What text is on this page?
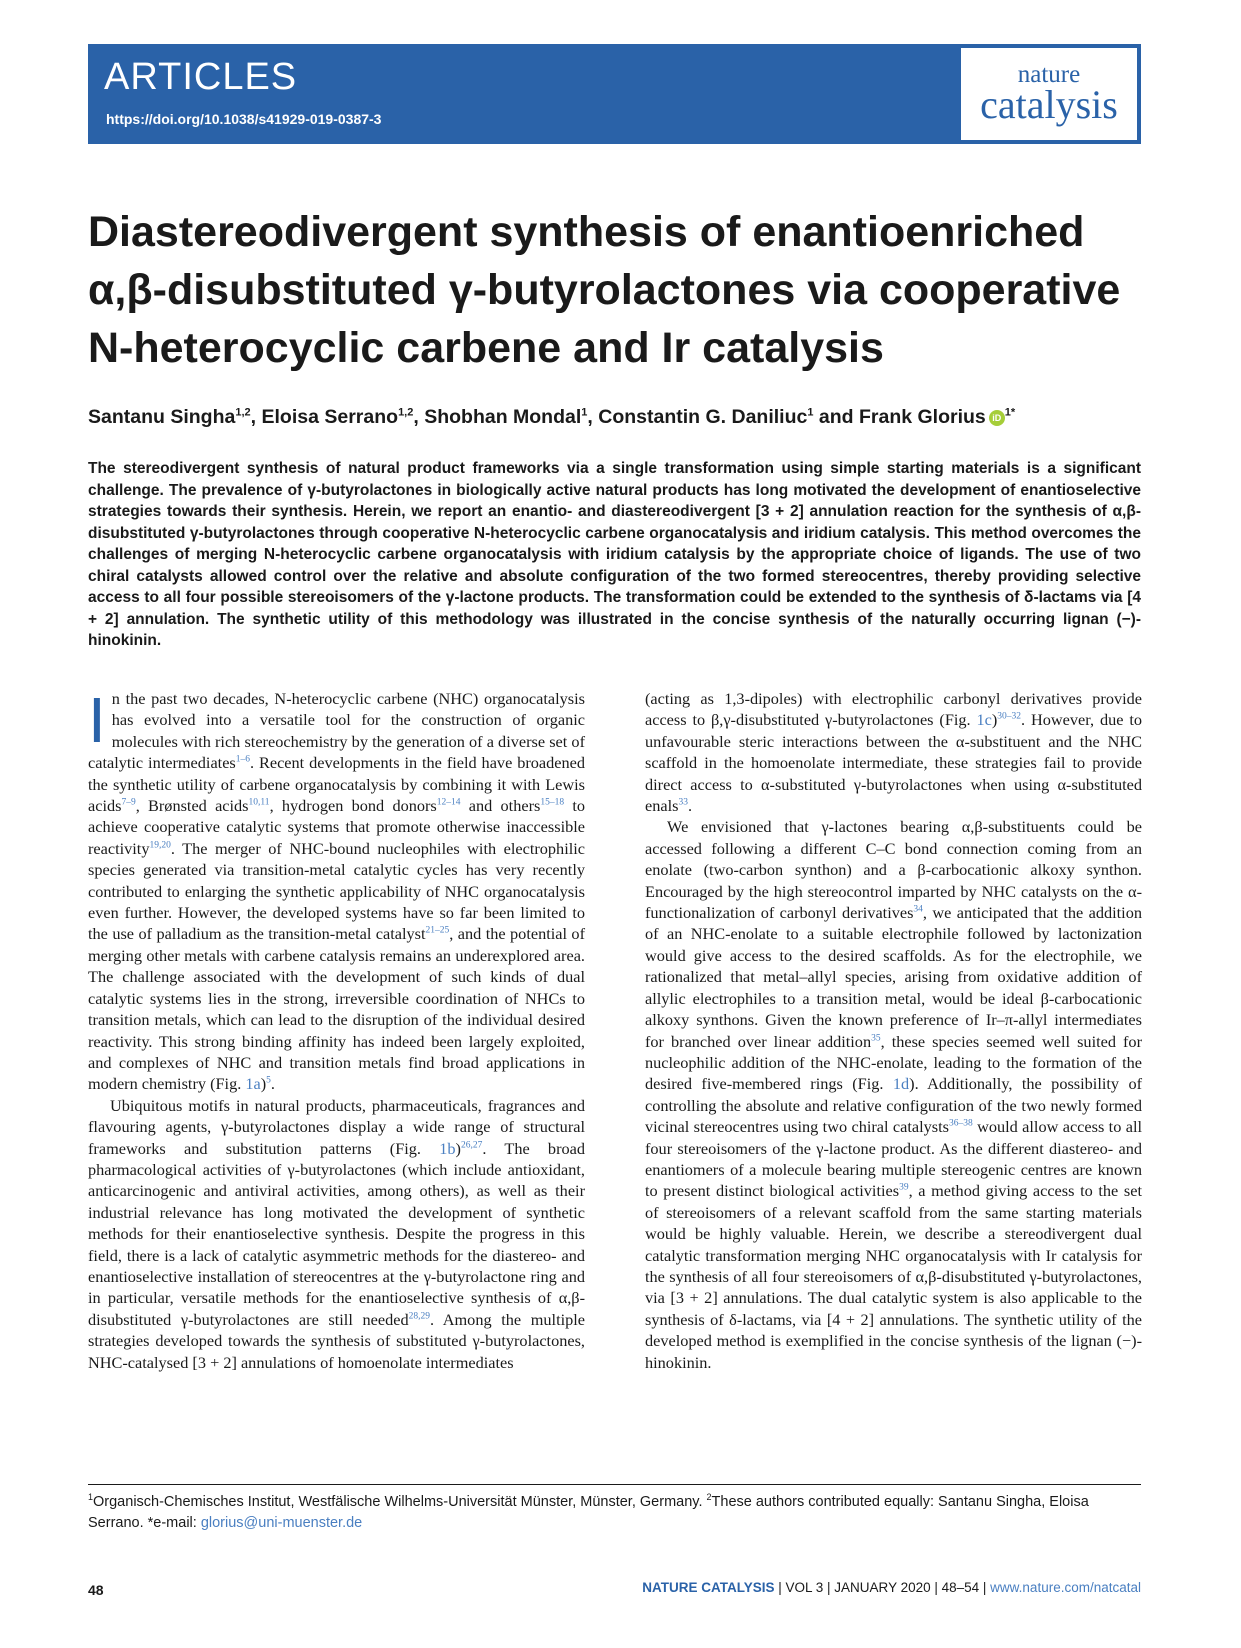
ARTICLES
https://doi.org/10.1038/s41929-019-0387-3
nature
catalysis
Diastereodivergent synthesis of enantioenriched α,β-disubstituted γ-butyrolactones via cooperative N-heterocyclic carbene and Ir catalysis
Santanu Singha$^{1,2}$, Eloisa Serrano$^{1,2}$, Shobhan Mondal$^1$, Constantin G. Daniliuc$^1$ and Frank Glorius iD $^{1*}$

The stereodivergent synthesis of natural product frameworks via a single transformation using simple starting materials is a significant challenge. The prevalence of γ-butyrolactones in biologically active natural products has long motivated the development of enantioselective strategies towards their synthesis. Herein, we report an enantio- and diastereodivergent [3 + 2] annulation reaction for the synthesis of α,β-disubstituted γ-butyrolactones through cooperative N-heterocyclic carbene organocatalysis and iridium catalysis. This method overcomes the challenges of merging N-heterocyclic carbene organocatalysis with iridium catalysis by the appropriate choice of ligands. The use of two chiral catalysts allowed control over the relative and absolute configuration of the two formed stereocentres, thereby providing selective access to all four possible stereoisomers of the γ-lactone products. The transformation could be extended to the synthesis of δ-lactams via [4 + 2] annulation. The synthetic utility of this methodology was illustrated in the concise synthesis of the naturally occurring lignan (−)-hinokinin.

In the past two decades, N-heterocyclic carbene (NHC) organocatalysis has evolved into a versatile tool for the construction of organic molecules with rich stereochemistry by the generation of a diverse set of catalytic intermediates$^{1-6}$. Recent developments in the field have broadened the synthetic utility of carbene organocatalysis by combining it with Lewis acids$^{7-9}$, Brønsted acids$^{10,11}$, hydrogen bond donors$^{12-14}$ and others$^{15-18}$ to achieve cooperative catalytic systems that promote otherwise inaccessible reactivity$^{19,20}$. The merger of NHC-bound nucleophiles with electrophilic species generated via transition-metal catalytic cycles has very recently contributed to enlarging the synthetic applicability of NHC organocatalysis even further. However, the developed systems have so far been limited to the use of palladium as the transition-metal catalyst$^{21-25}$, and the potential of merging other metals with carbene catalysis remains an underexplored area. The challenge associated with the development of such kinds of dual catalytic systems lies in the strong, irreversible coordination of NHCs to transition metals, which can lead to the disruption of the individual desired reactivity. This strong binding affinity has indeed been largely exploited, and complexes of NHC and transition metals find broad applications in modern chemistry (Fig. 1a)$^5$.

Ubiquitous motifs in natural products, pharmaceuticals, fragrances and flavouring agents, γ-butyrolactones display a wide range of structural frameworks and substitution patterns (Fig. 1b)$^{26,27}$. The broad pharmacological activities of γ-butyrolactones (which include antioxidant, anticarcinogenic and antiviral activities, among others), as well as their industrial relevance has long motivated the development of synthetic methods for their enantioselective synthesis. Despite the progress in this field, there is a lack of catalytic asymmetric methods for the diastereo- and enantioselective installation of stereocentres at the γ-butyrolactone ring and in particular, versatile methods for the enantioselective synthesis of α,β-disubstituted γ-butyrolactones are still needed$^{28,29}$. Among the multiple strategies developed towards the synthesis of substituted γ-butyrolactones, NHC-catalysed [3 + 2] annulations of homoenolate intermediates

(acting as 1,3-dipoles) with electrophilic carbonyl derivatives provide access to β,γ-disubstituted γ-butyrolactones (Fig. 1c)$^{30-32}$. However, due to unfavourable steric interactions between the α-substituent and the NHC scaffold in the homoenolate intermediate, these strategies fail to provide direct access to α-substituted γ-butyrolactones when using α-substituted enals$^{33}$.

We envisioned that γ-lactones bearing α,β-substituents could be accessed following a different C–C bond connection coming from an enolate (two-carbon synthon) and a β-carbocationic alkoxy synthon. Encouraged by the high stereocontrol imparted by NHC catalysts on the α-functionalization of carbonyl derivatives$^{34}$, we anticipated that the addition of an NHC-enolate to a suitable electrophile followed by lactonization would give access to the desired scaffolds. As for the electrophile, we rationalized that metal–allyl species, arising from oxidative addition of allylic electrophiles to a transition metal, would be ideal β-carbocationic alkoxy synthons. Given the known preference of Ir–π-allyl intermediates for branched over linear addition$^{35}$, these species seemed well suited for nucleophilic addition of the NHC-enolate, leading to the formation of the desired five-membered rings (Fig. 1d). Additionally, the possibility of controlling the absolute and relative configuration of the two newly formed vicinal stereocentres using two chiral catalysts$^{36-38}$ would allow access to all four stereoisomers of the γ-lactone product. As the different diastereo- and enantiomers of a molecule bearing multiple stereogenic centres are known to present distinct biological activities$^{39}$, a method giving access to the set of stereoisomers of a relevant scaffold from the same starting materials would be highly valuable. Herein, we describe a stereodivergent dual catalytic transformation merging NHC organocatalysis with Ir catalysis for the synthesis of all four stereoisomers of α,β-disubstituted γ-butyrolactones, via [3 + 2] annulations. The dual catalytic system is also applicable to the synthesis of δ-lactams, via [4 + 2] annulations. The synthetic utility of the developed method is exemplified in the concise synthesis of the lignan (−)-hinokinin.

$^1$Organisch-Chemisches Institut, Westfälische Wilhelms-Universität Münster, Münster, Germany. $^2$These authors contributed equally: Santanu Singha, Eloisa Serrano. *e-mail: glorius@uni-muenster.de

48	NATURE CATALYSIS | VOL 3 | JANUARY 2020 | 48–54 | www.nature.com/natcatal
